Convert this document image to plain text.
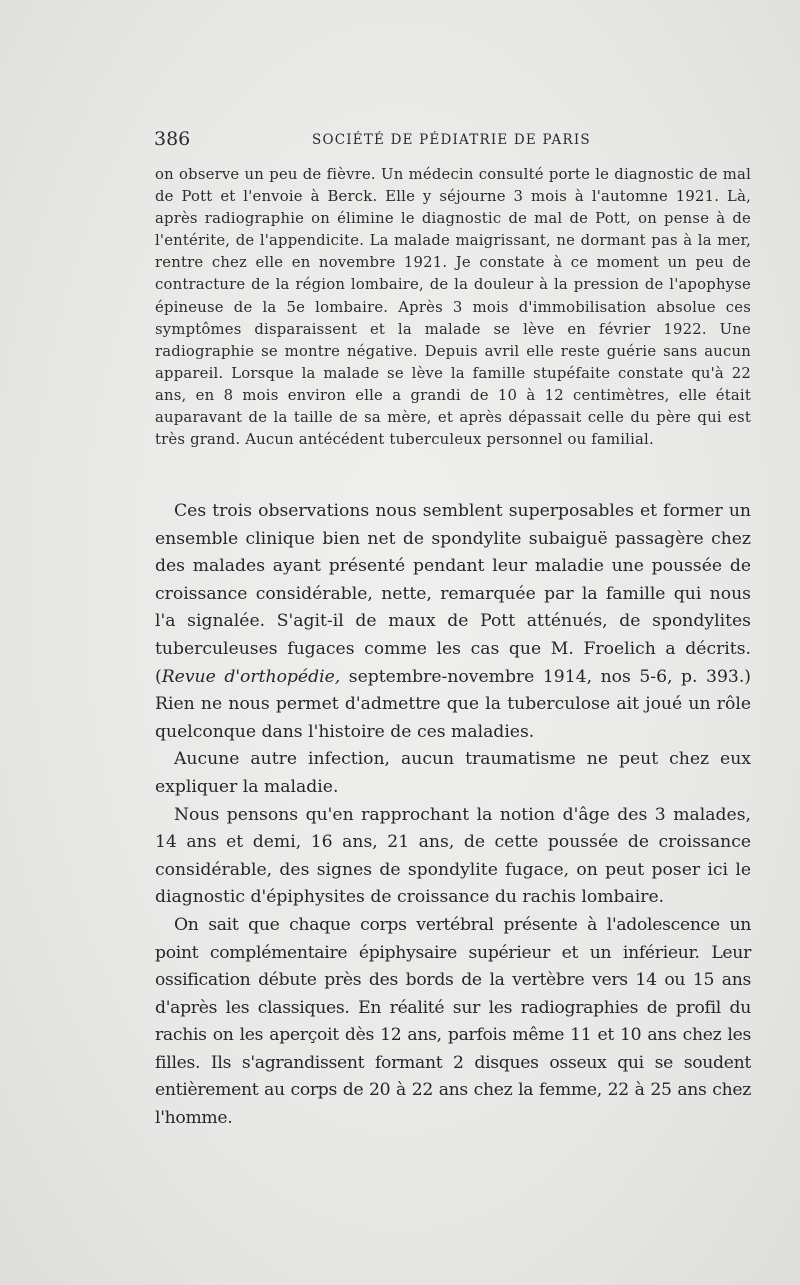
386	SOCIÉTÉ DE PÉDIATRIE DE PARIS

on observe un peu de fièvre. Un médecin consulté porte le diagnostic de mal de Pott et l'envoie à Berck. Elle y séjourne 3 mois à l'automne 1921. Là, après radiographie on élimine le diagnostic de mal de Pott, on pense à de l'entérite, de l'appendicite. La malade maigrissant, ne dormant pas à la mer, rentre chez elle en novembre 1921. Je constate à ce moment un peu de contracture de la région lombaire, de la douleur à la pression de l'apophyse épineuse de la 5e lombaire. Après 3 mois d'immobilisation absolue ces symptômes disparaissent et la malade se lève en février 1922. Une radiographie se montre négative. Depuis avril elle reste guérie sans aucun appareil. Lorsque la malade se lève la famille stupéfaite constate qu'à 22 ans, en 8 mois environ elle a grandi de 10 à 12 centimètres, elle était auparavant de la taille de sa mère, et après dépassait celle du père qui est très grand. Aucun antécédent tuberculeux personnel ou familial.

Ces trois observations nous semblent superposables et former un ensemble clinique bien net de spondylite subaiguë passagère chez des malades ayant présenté pendant leur maladie une poussée de croissance considérable, nette, remarquée par la famille qui nous l'a signalée. S'agit-il de maux de Pott atténués, de spondylites tuberculeuses fugaces comme les cas que M. Froelich a décrits. (Revue d'orthopédie, septembre-novembre 1914, nos 5-6, p. 393.) Rien ne nous permet d'admettre que la tuberculose ait joué un rôle quelconque dans l'histoire de ces maladies.

Aucune autre infection, aucun traumatisme ne peut chez eux expliquer la maladie.

Nous pensons qu'en rapprochant la notion d'âge des 3 malades, 14 ans et demi, 16 ans, 21 ans, de cette poussée de croissance considérable, des signes de spondylite fugace, on peut poser ici le diagnostic d'épiphysites de croissance du rachis lombaire.

On sait que chaque corps vertébral présente à l'adolescence un point complémentaire épiphysaire supérieur et un inférieur. Leur ossification débute près des bords de la vertèbre vers 14 ou 15 ans d'après les classiques. En réalité sur les radiographies de profil du rachis on les aperçoit dès 12 ans, parfois même 11 et 10 ans chez les filles. Ils s'agrandissent formant 2 disques osseux qui se soudent entièrement au corps de 20 à 22 ans chez la femme, 22 à 25 ans chez l'homme.
